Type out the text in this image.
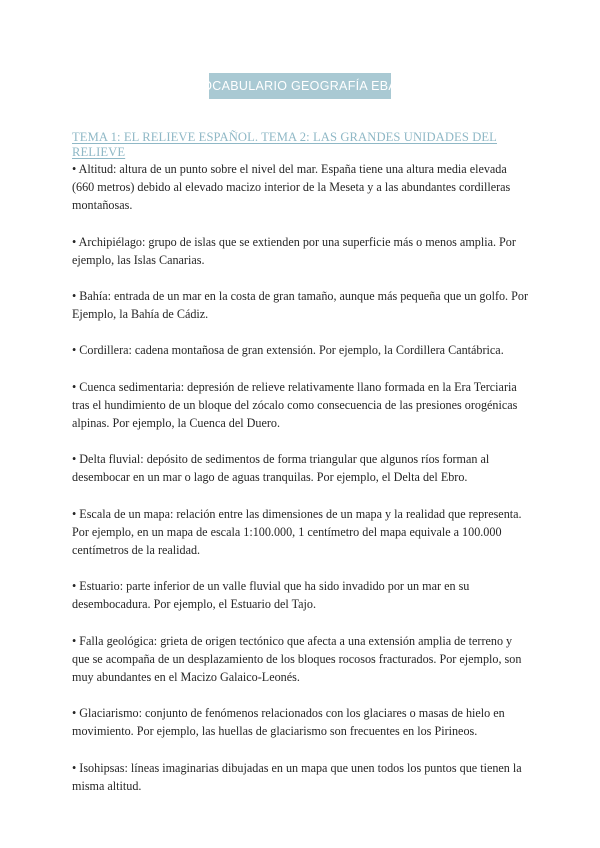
-VOCABULARIO GEOGRAFÍA EBAU-
TEMA 1: EL RELIEVE ESPAÑOL. TEMA 2: LAS GRANDES UNIDADES DEL RELIEVE

• Altitud: altura de un punto sobre el nivel del mar. España tiene una altura media elevada (660 metros) debido al elevado macizo interior de la Meseta y a las abundantes cordilleras montañosas.

• Archipiélago: grupo de islas que se extienden por una superficie más o menos amplia. Por ejemplo, las Islas Canarias.

• Bahía: entrada de un mar en la costa de gran tamaño, aunque más pequeña que un golfo. Por Ejemplo, la Bahía de Cádiz.

• Cordillera: cadena montañosa de gran extensión. Por ejemplo, la Cordillera Cantábrica.

• Cuenca sedimentaria: depresión de relieve relativamente llano formada en la Era Terciaria tras el hundimiento de un bloque del zócalo como consecuencia de las presiones orogénicas alpinas. Por ejemplo, la Cuenca del Duero.

• Delta fluvial: depósito de sedimentos de forma triangular que algunos ríos forman al desembocar en un mar o lago de aguas tranquilas. Por ejemplo, el Delta del Ebro.

• Escala de un mapa: relación entre las dimensiones de un mapa y la realidad que representa. Por ejemplo, en un mapa de escala 1:100.000, 1 centímetro del mapa equivale a 100.000 centímetros de la realidad.

• Estuario: parte inferior de un valle fluvial que ha sido invadido por un mar en su desembocadura. Por ejemplo, el Estuario del Tajo.

• Falla geológica: grieta de origen tectónico que afecta a una extensión amplia de terreno y que se acompaña de un desplazamiento de los bloques rocosos fracturados. Por ejemplo, son muy abundantes en el Macizo Galaico-Leonés.

• Glaciarismo: conjunto de fenómenos relacionados con los glaciares o masas de hielo en movimiento. Por ejemplo, las huellas de glaciarismo son frecuentes en los Pirineos.

• Isohipsas: líneas imaginarias dibujadas en un mapa que unen todos los puntos que tienen la misma altitud.
